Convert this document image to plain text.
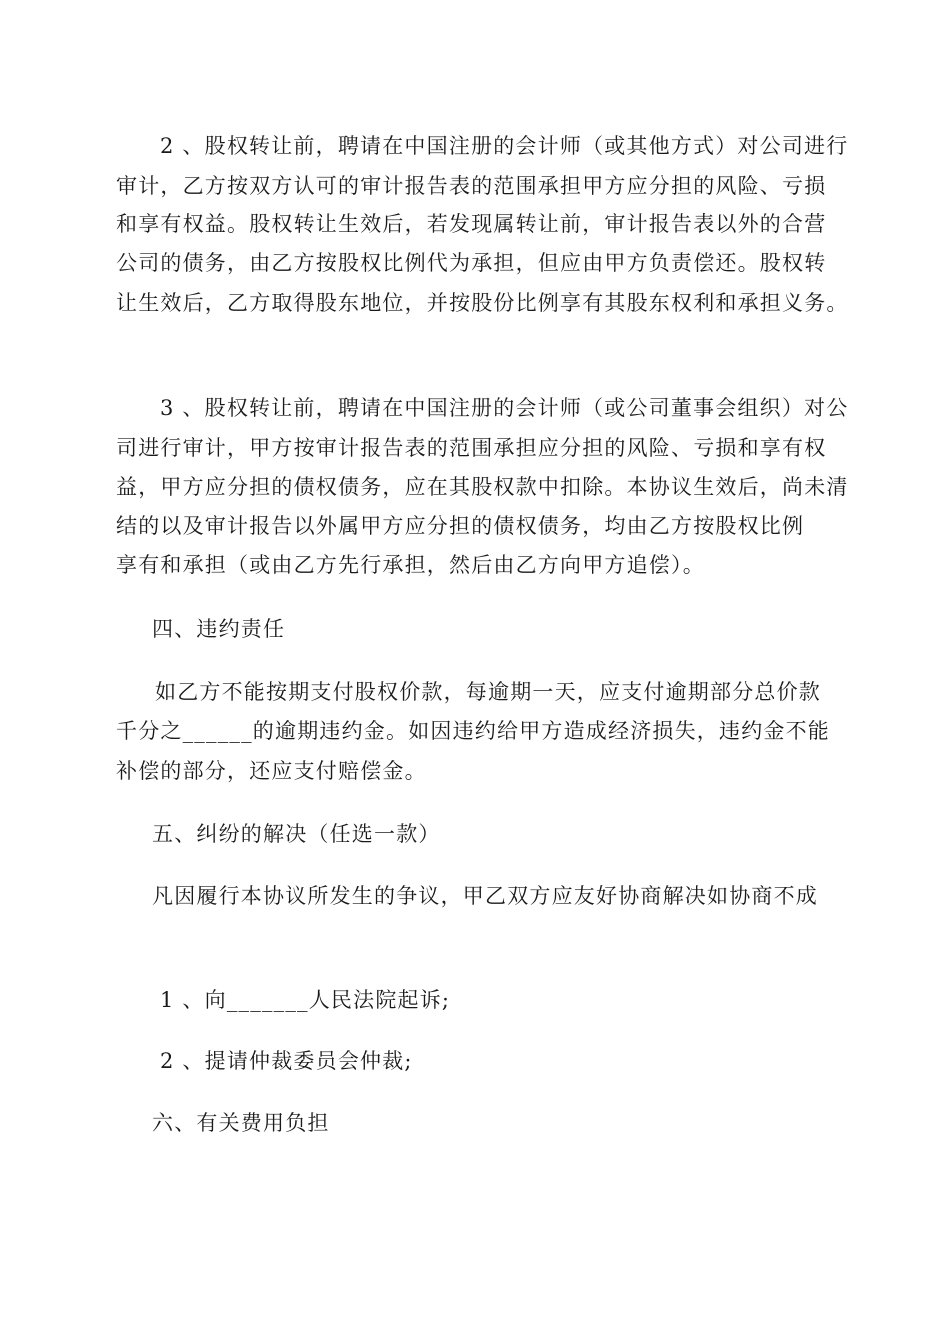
2 、股权转让前，聘请在中国注册的会计师（或其他方式）对公司进行
审计，乙方按双方认可的审计报告表的范围承担甲方应分担的风险、亏损
和享有权益。股权转让生效后，若发现属转让前，审计报告表以外的合营
公司的债务，由乙方按股权比例代为承担，但应由甲方负责偿还。股权转
让生效后，乙方取得股东地位，并按股份比例享有其股东权利和承担义务。
3 、股权转让前，聘请在中国注册的会计师（或公司董事会组织）对公
司进行审计，甲方按审计报告表的范围承担应分担的风险、亏损和享有权
益，甲方应分担的债权债务，应在其股权款中扣除。本协议生效后，尚未清
结的以及审计报告以外属甲方应分担的债权债务，均由乙方按股权比例
享有和承担（或由乙方先行承担，然后由乙方向甲方追偿）。
四、违约责任
如乙方不能按期支付股权价款，每逾期一天，应支付逾期部分总价款
千分之______的逾期违约金。如因违约给甲方造成经济损失，违约金不能
补偿的部分，还应支付赔偿金。
五、纠纷的解决（任选一款）
凡因履行本协议所发生的争议，甲乙双方应友好协商解决如协商不成
1 、向_______人民法院起诉;
2 、提请仲裁委员会仲裁;
六、有关费用负担
